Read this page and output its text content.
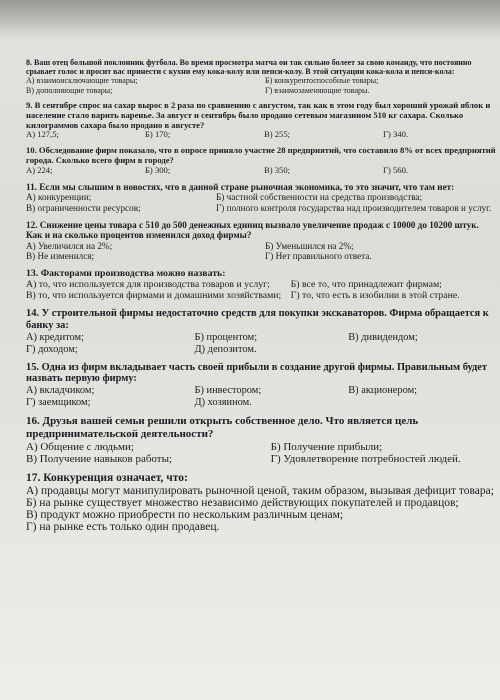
8. Ваш отец большой поклонник футбола. Во время просмотра матча он так сильно болеет за свою команду, что постоянно срывает голос и просит вас принести с кухни ему кока-колу или пепси-колу. В этой ситуации кока-кола и пепси-кола:
А) взаимоисключающие товары;	Б) конкурентоспособные товары;
В) дополняющие товары;	Г) взаимозаменяющие товары.
9. В сентябре спрос на сахар вырос в 2 раза по сравнению с августом, так как в этом году был хороший урожай яблок и население стало варить варенье. За август и сентябрь было продано сетевым магазином 510 кг сахара. Сколько килограммов сахара было продано в августе?
А) 127,5;	Б) 170;	В) 255;	Г) 340.
10. Обследование фирм показало, что в опросе приняло участие 28 предприятий, что составило 8% от всех предприятий города. Сколько всего фирм в городе?
А) 224;	Б) 300;	В) 350;	Г) 560.
11. Если мы слышим в новостях, что в данной стране рыночная экономика, то это значит, что там нет:
А) конкуренции;	Б) частной собственности на средства производства;
В) ограниченности ресурсов;	Г) полного контроля государства над производителем товаров и услуг.
12. Снижение цены товара с 510 до 500 денежных единиц вызвало увеличение продаж с 10000 до 10200 штук. Как и на сколько процентов изменился доход фирмы?
А) Увеличился на 2%;	Б) Уменьшился на 2%;
В) Не изменился;	Г) Нет правильного ответа.
13. Факторами производства можно назвать:
А) то, что используется для производства товаров и услуг;	Б) все то, что принадлежит фирмам;
В) то, что используется фирмами и домашними хозяйствами; Г) то, что есть в изобилии в этой стране.
14. У строительной фирмы недостаточно средств для покупки экскаваторов. Фирма обращается к банку за:
А) кредитом;	Б) процентом;	В) дивидендом;
Г) доходом;	Д) депозитом.
15. Одна из фирм вкладывает часть своей прибыли в создание другой фирмы. Правильным будет назвать первую фирму:
А) вкладчиком;	Б) инвестором;	В) акционером;
Г) заемщиком;	Д) хозяином.
16. Друзья вашей семьи решили открыть собственное дело. Что является цель предпринимательской деятельности?
А) Общение с людьми;	Б) Получение прибыли;
В) Получение навыков работы;	Г) Удовлетворение потребностей людей.
17. Конкуренция означает, что:
А) продавцы могут манипулировать рыночной ценой, таким образом, вызывая дефицит товара;
Б) на рынке существует множество независимо действующих покупателей и продавцов;
В) продукт можно приобрести по нескольким различным ценам;
Г) на рынке есть только один продавец.
